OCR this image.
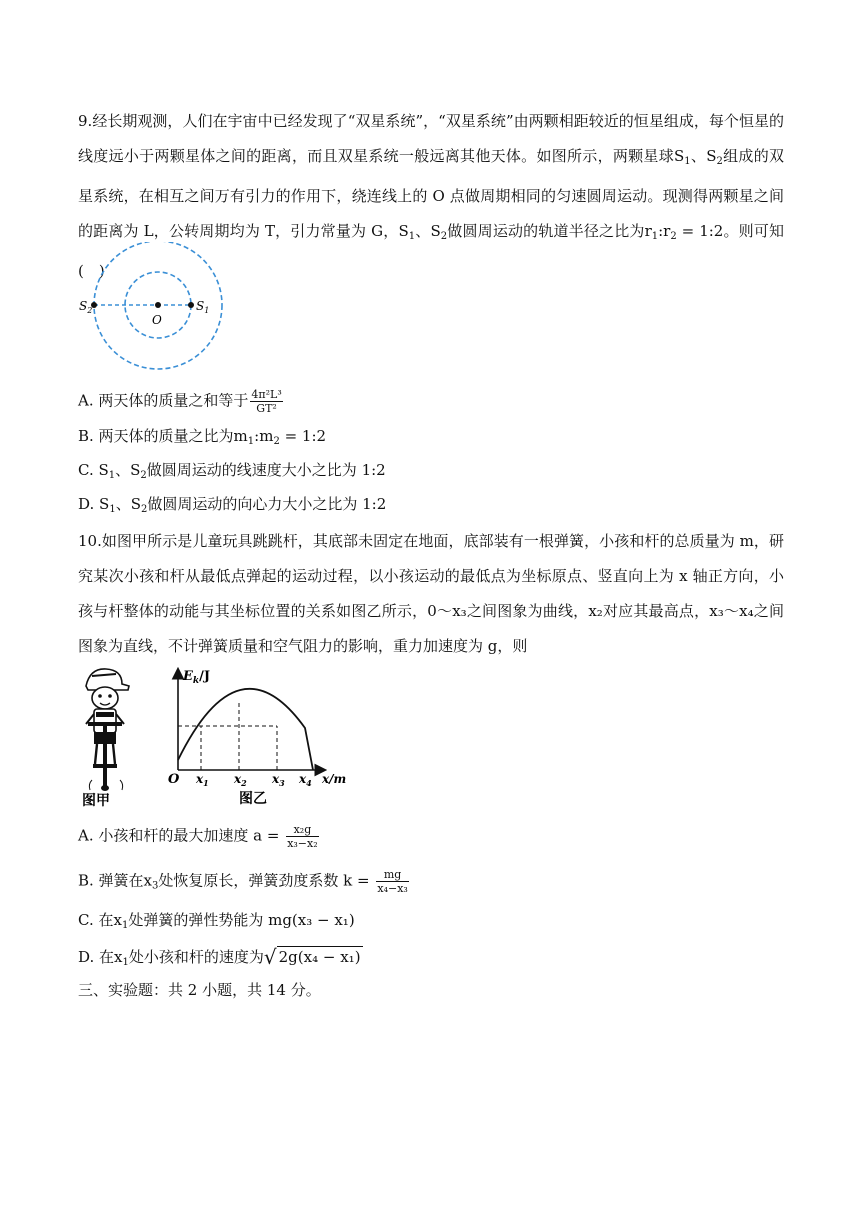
9.经长期观测，人们在宇宙中已经发现了“双星系统”，“双星系统”由两颗相距较近的恒星组成，每个恒星的线度远小于两颗星体之间的距离，而且双星系统一般远离其他天体。如图所示，两颗星球$S_1$、$S_2$组成的双星系统，在相互之间万有引力的作用下，绕连线上的 O 点做周期相同的匀速圆周运动。现测得两颗星之间的距离为 L，公转周期均为 T，引力常量为 G，$S_1$、$S_2$做圆周运动的轨道半径之比为$r_1:r_2$ = 1:2。则可知(　)
$S_2$
O
$S_1$
A. 两天体的质量之和等于 $\frac{\text{4π²L³}}{\text{GT²}}$
B. 两天体的质量之比为$m_1:m_2$ = 1:2
C. $S_1$、$S_2$做圆周运动的线速度大小之比为 1:2
D. $S_1$、$S_2$做圆周运动的向心力大小之比为 1:2
10.如图甲所示是儿童玩具跳跳杆，其底部未固定在地面，底部装有一根弹簧，小孩和杆的总质量为 m，研究某次小孩和杆从最低点弹起的运动过程，以小孩运动的最低点为坐标原点、竖直向上为 x 轴正方向，小孩与杆整体的动能与其坐标位置的关系如图乙所示，0～x₃之间图象为曲线，x₂对应其最高点，x₃～x₄之间图象为直线，不计弹簧质量和空气阻力的影响，重力加速度为 g，则
图甲
$E_k/J$
O $x_1$ $x_2$ $x_3$ $x_4$ x/m
图乙
A. 小孩和杆的最大加速度 $a = \frac{\text{x₂g}}{\text{x₃−x₂}}$
B. 弹簧在$x_3$处恢复原长，弹簧劲度系数 $k = \frac{mg}{\text{x₄−x₃}}$
C. 在$x_1$处弹簧的弹性势能为 mg(x₃ − x₁)
D. 在$x_1$处小孩和杆的速度为√ 2g(x₄ − x₁)
三、实验题：共 2 小题，共 14 分。
